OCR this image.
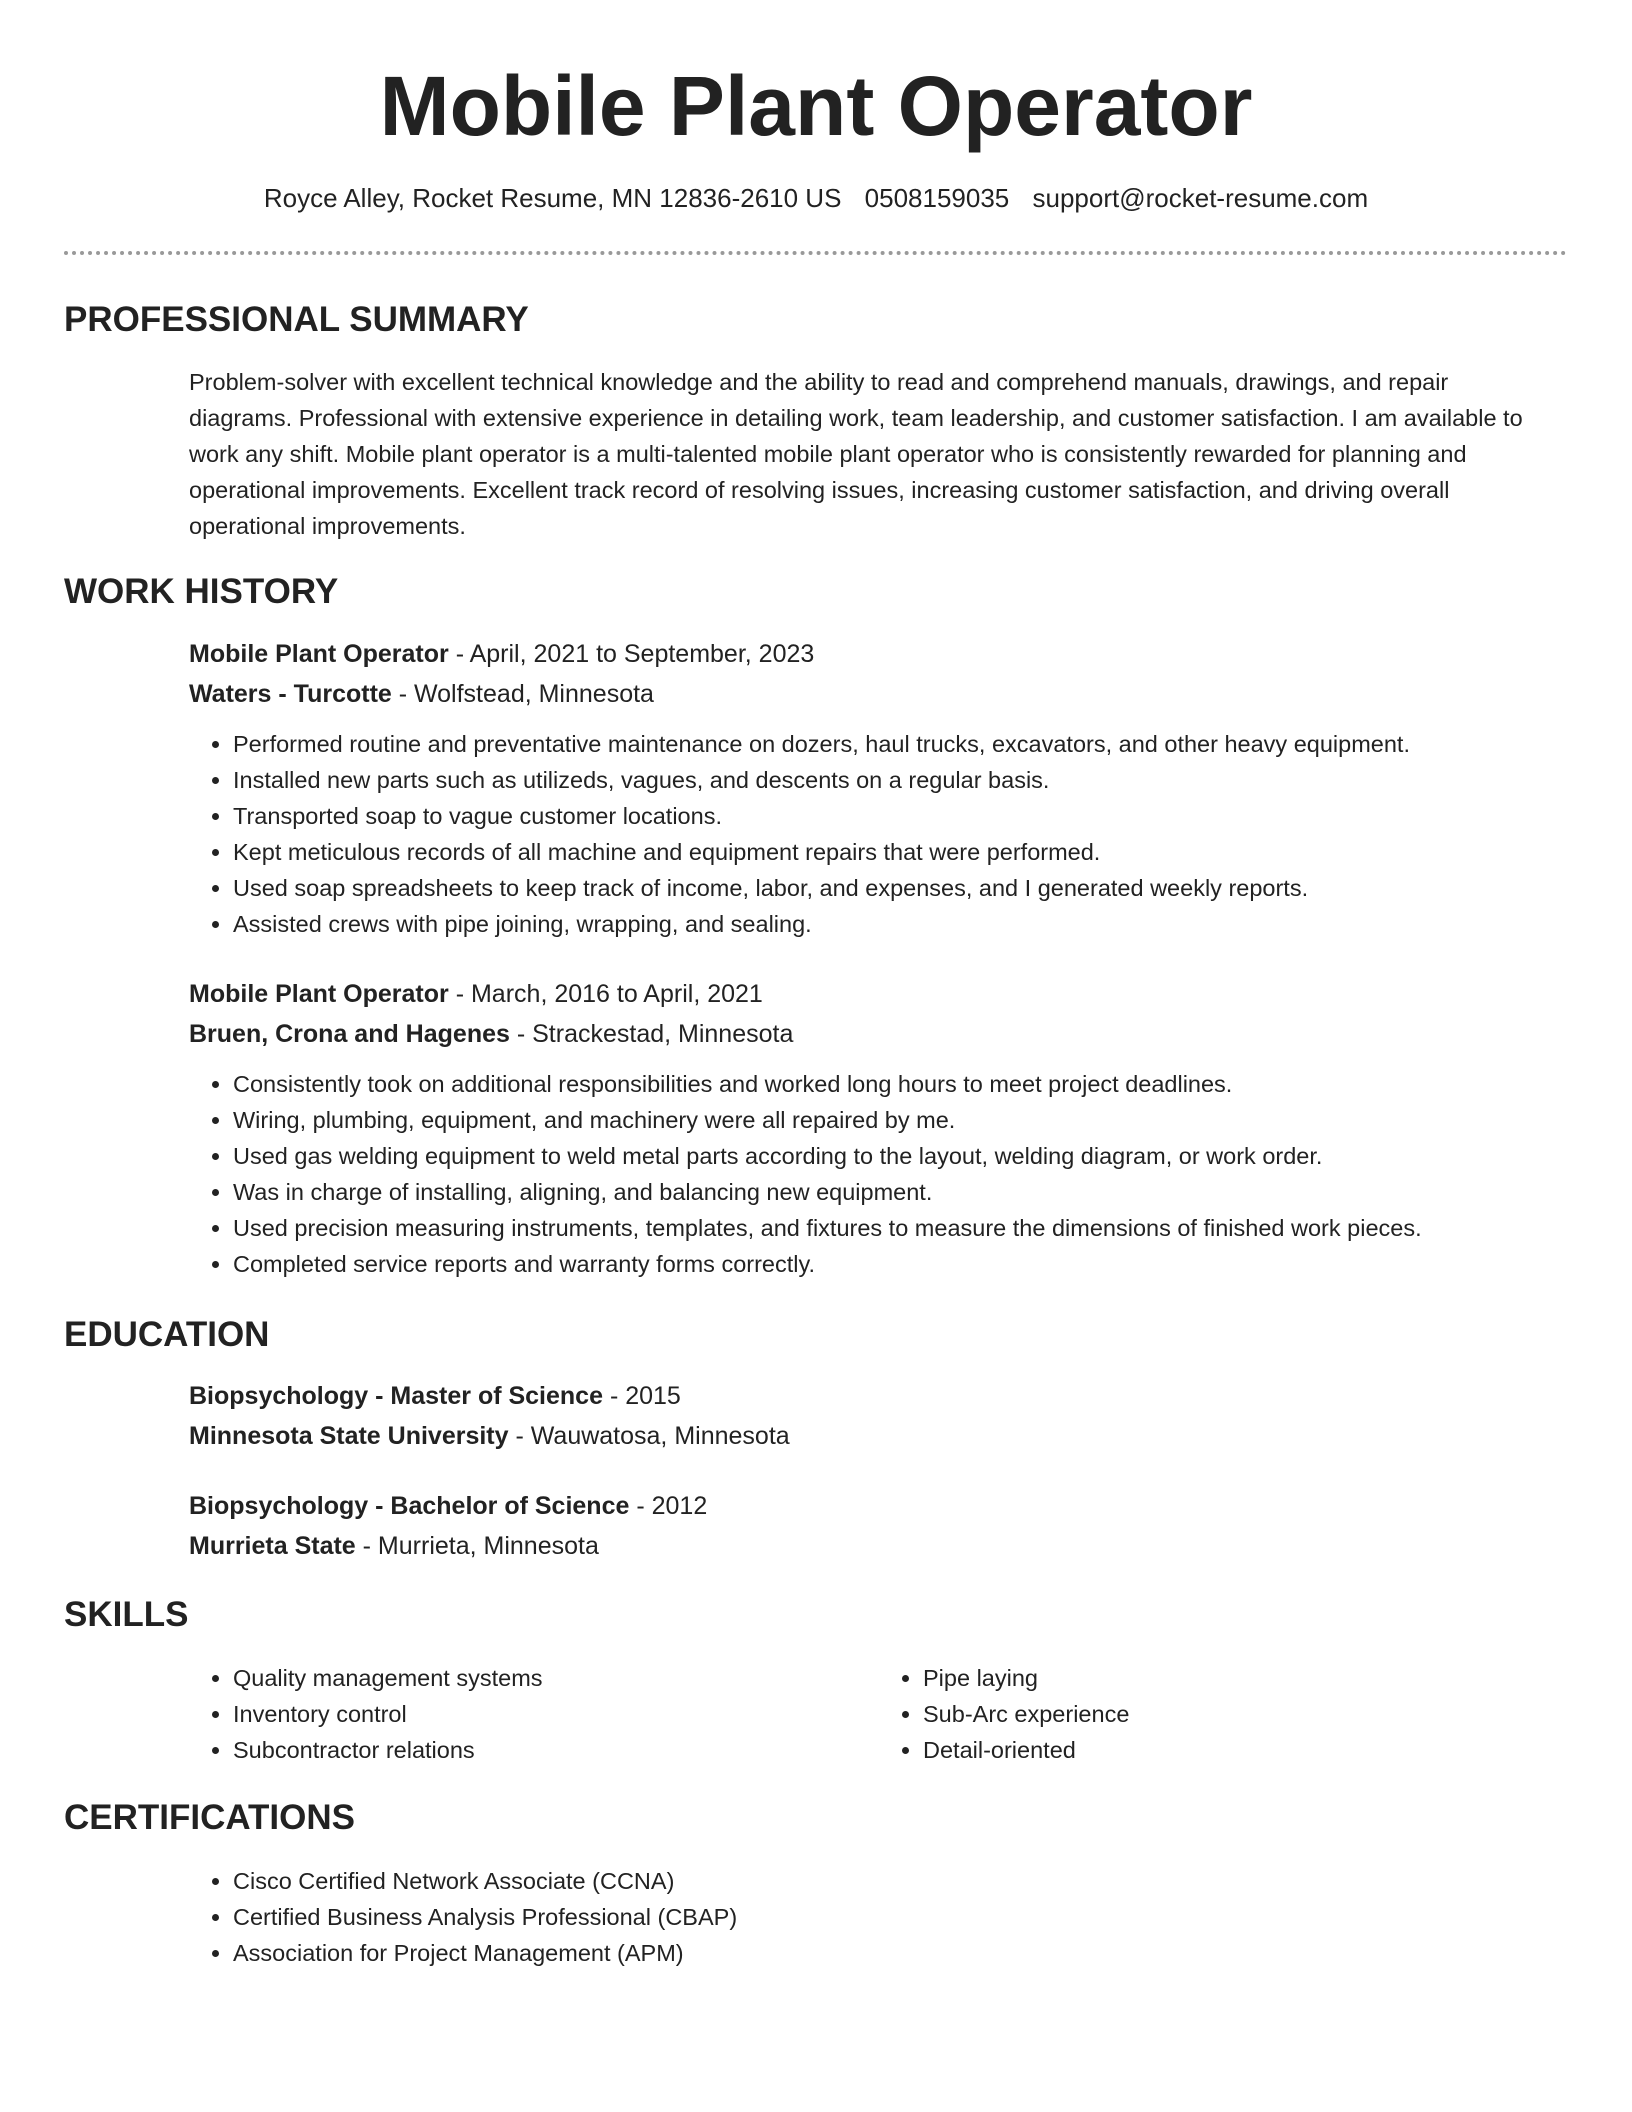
Mobile Plant Operator
Royce Alley, Rocket Resume, MN 12836-2610 US 0508159035 support@rocket-resume.com
PROFESSIONAL SUMMARY

Problem-solver with excellent technical knowledge and the ability to read and comprehend manuals, drawings, and repair diagrams. Professional with extensive experience in detailing work, team leadership, and customer satisfaction. I am available to work any shift. Mobile plant operator is a multi-talented mobile plant operator who is consistently rewarded for planning and operational improvements. Excellent track record of resolving issues, increasing customer satisfaction, and driving overall operational improvements.

WORK HISTORY

Mobile Plant Operator - April, 2021 to September, 2023

Waters - Turcotte - Wolfstead, Minnesota

• Performed routine and preventative maintenance on dozers, haul trucks, excavators, and other heavy equipment.
• Installed new parts such as utilizeds, vagues, and descents on a regular basis.
• Transported soap to vague customer locations.
• Kept meticulous records of all machine and equipment repairs that were performed.
• Used soap spreadsheets to keep track of income, labor, and expenses, and I generated weekly reports.
• Assisted crews with pipe joining, wrapping, and sealing.

Mobile Plant Operator - March, 2016 to April, 2021

Bruen, Crona and Hagenes - Strackestad, Minnesota

• Consistently took on additional responsibilities and worked long hours to meet project deadlines.
• Wiring, plumbing, equipment, and machinery were all repaired by me.
• Used gas welding equipment to weld metal parts according to the layout, welding diagram, or work order.
• Was in charge of installing, aligning, and balancing new equipment.
• Used precision measuring instruments, templates, and fixtures to measure the dimensions of finished work pieces.
• Completed service reports and warranty forms correctly.
EDUCATION

Biopsychology - Master of Science - 2015

Minnesota State University - Wauwatosa, Minnesota

Biopsychology - Bachelor of Science - 2012

Murrieta State - Murrieta, Minnesota

SKILLS
• Quality management systems
• Inventory control
• Subcontractor relations
• Pipe laying
• Sub-Arc experience
• Detail-oriented
CERTIFICATIONS
• Cisco Certified Network Associate (CCNA)
• Certified Business Analysis Professional (CBAP)
• Association for Project Management (APM)
